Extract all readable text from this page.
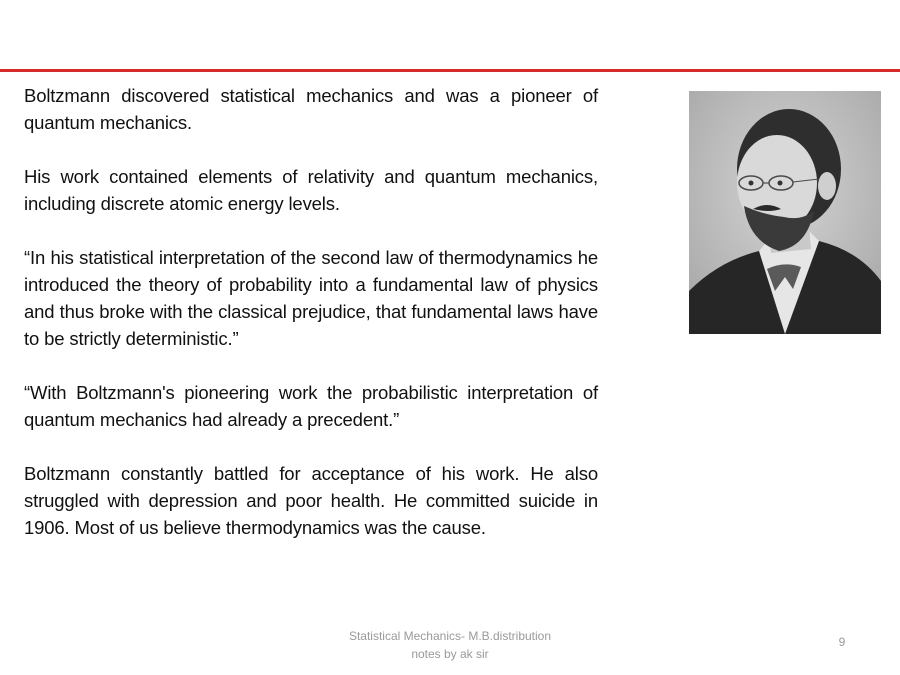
Boltzmann discovered statistical mechanics and was a pioneer of quantum mechanics.

His work contained elements of relativity and quantum mechanics, including discrete atomic energy levels.

“In his statistical interpretation of the second law of thermodynamics he introduced the theory of probability into a fundamental law of physics and thus broke with the classical prejudice, that fundamental laws have to be strictly deterministic.”

“With Boltzmann's pioneering work the probabilistic interpretation of quantum mechanics had already a precedent.”

Boltzmann constantly battled for acceptance of his work. He also struggled with depression and poor health. He committed suicide in 1906. Most of us believe thermodynamics was the cause.

Statistical Mechanics- M.B.distribution
notes by ak sir
9
